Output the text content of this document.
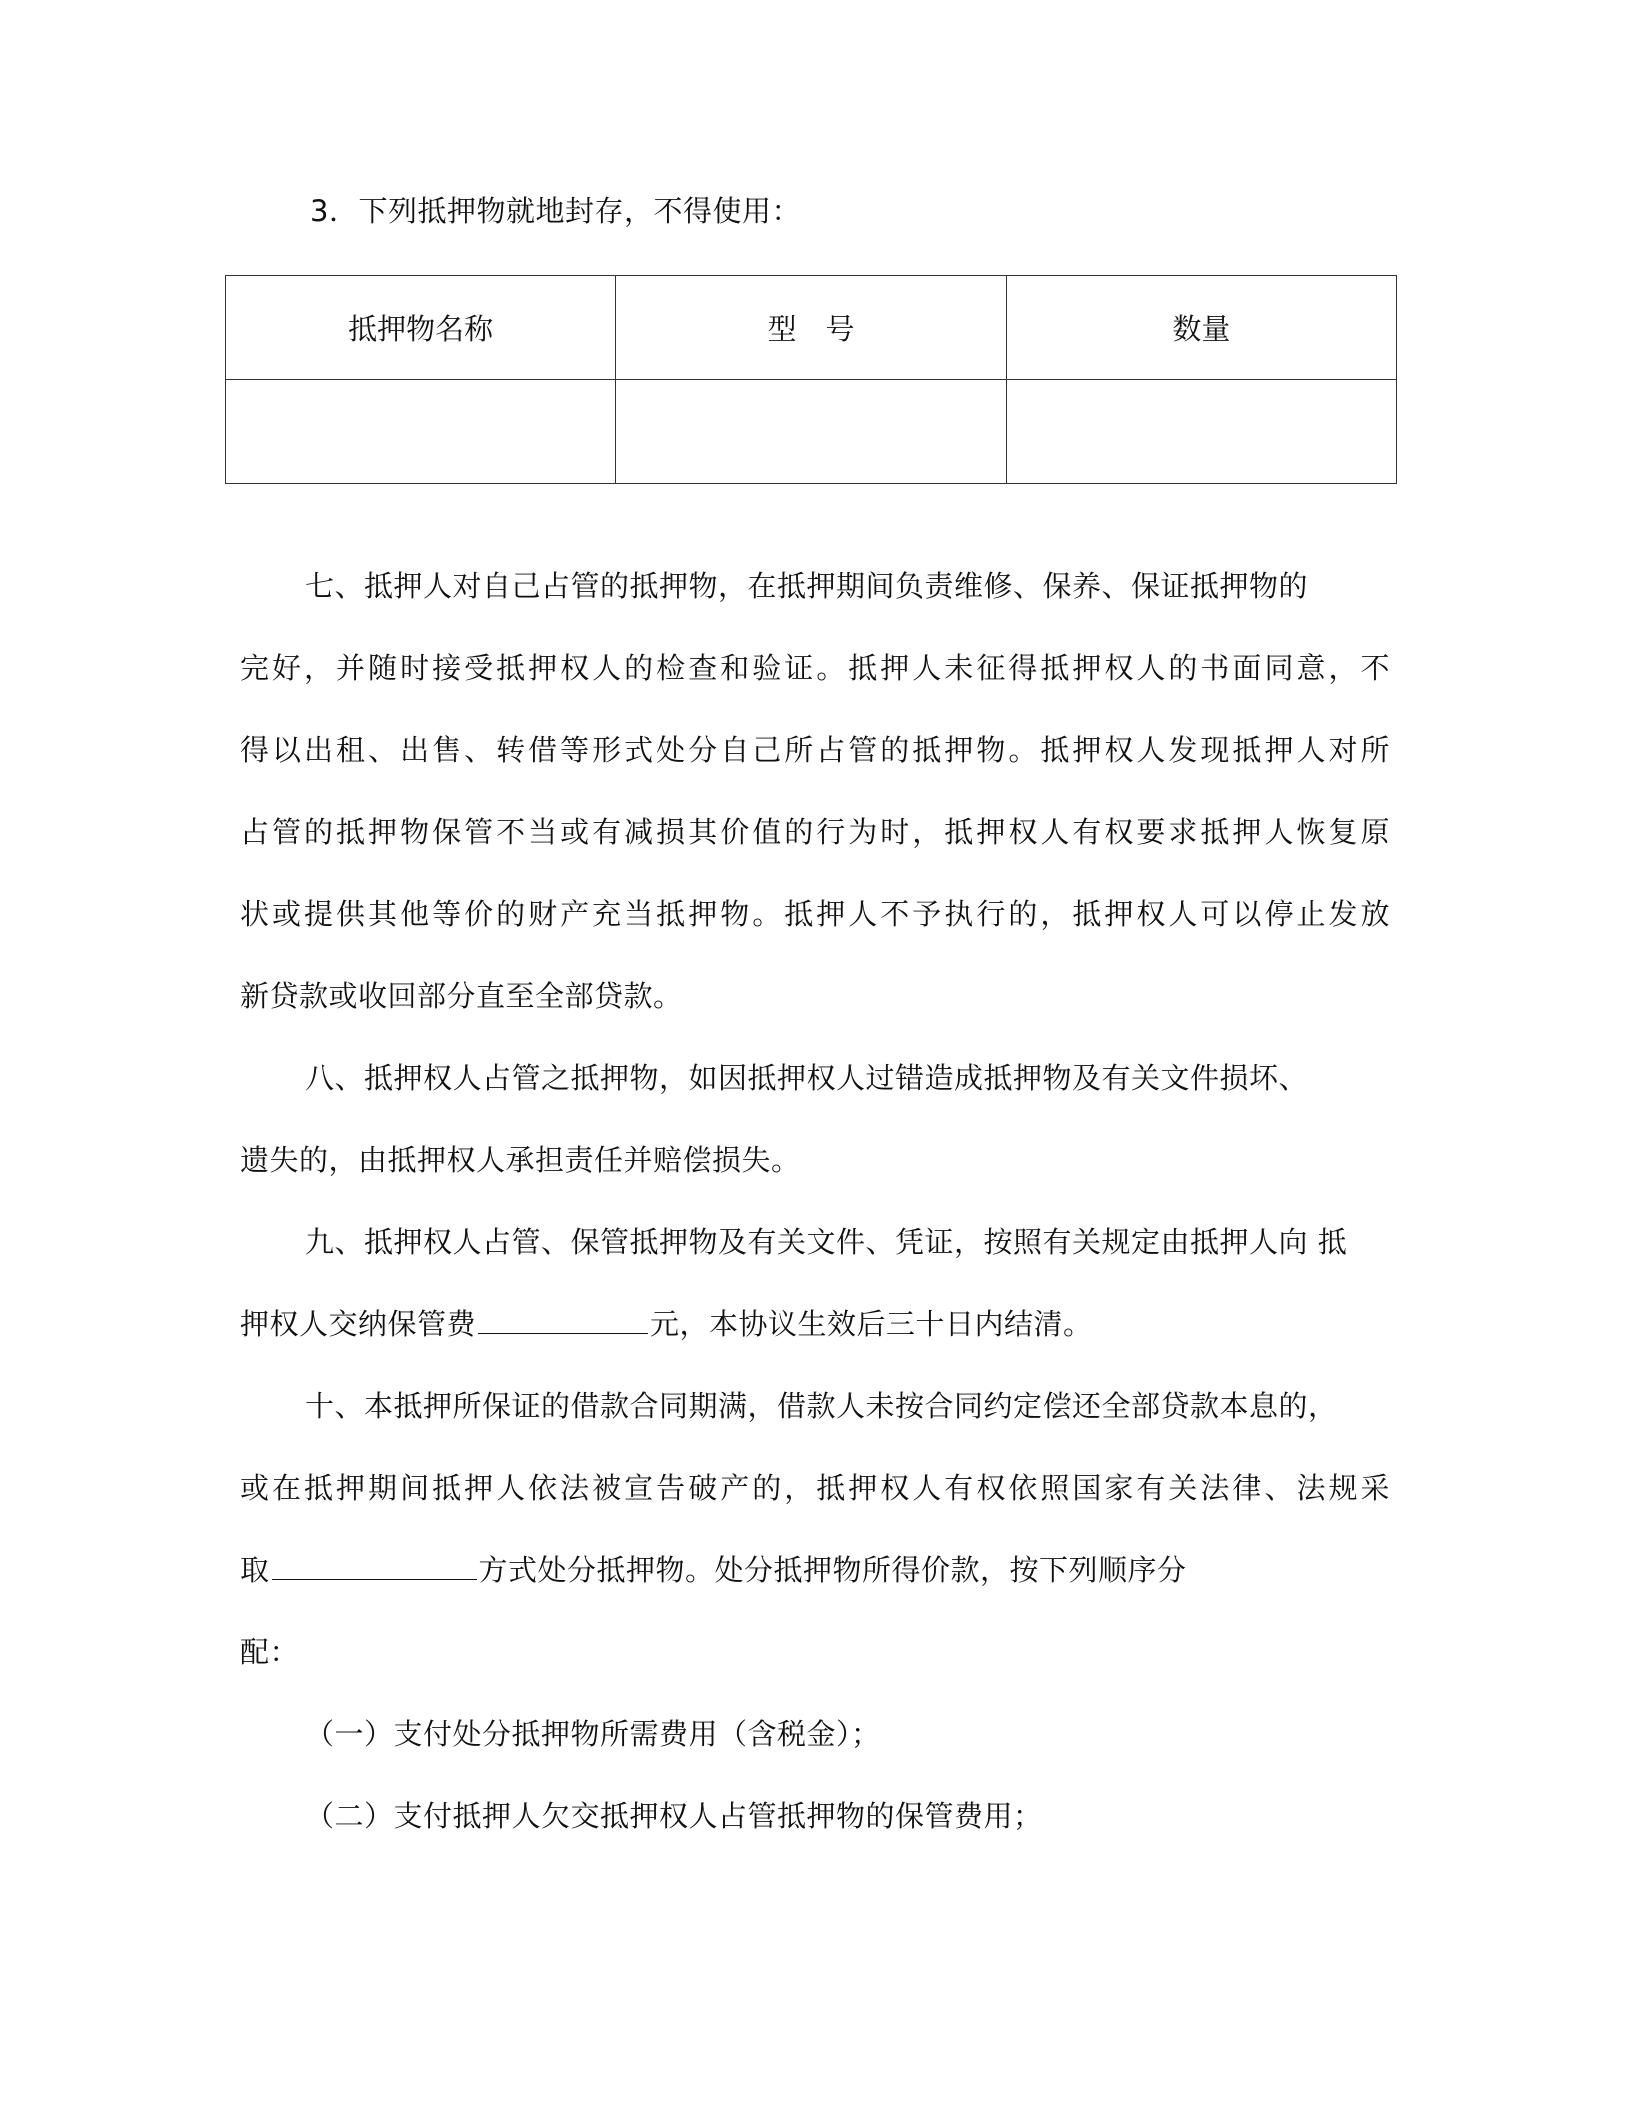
3．下列抵押物就地封存，不得使用：
抵押物名称	型　号	数量

七、抵押人对自己占管的抵押物，在抵押期间负责维修、保养、保证抵押物的
完好，并随时接受抵押权人的检查和验证。抵押人未征得抵押权人的书面同意，不
得以出租、出售、转借等形式处分自己所占管的抵押物。抵押权人发现抵押人对所
占管的抵押物保管不当或有减损其价值的行为时，抵押权人有权要求抵押人恢复原
状或提供其他等价的财产充当抵押物。抵押人不予执行的，抵押权人可以停止发放
新贷款或收回部分直至全部贷款。
八、抵押权人占管之抵押物，如因抵押权人过错造成抵押物及有关文件损坏、
遗失的，由抵押权人承担责任并赔偿损失。
九、抵押权人占管、保管抵押物及有关文件、凭证，按照有关规定由抵押人向 抵
押权人交纳保管费	元，本协议生效后三十日内结清。
十、本抵押所保证的借款合同期满，借款人未按合同约定偿还全部贷款本息的，
或在抵押期间抵押人依法被宣告破产的，抵押权人有权依照国家有关法律、法规采
取	方式处分抵押物。处分抵押物所得价款，按下列顺序分
配：
（一）支付处分抵押物所需费用（含税金）；
（二）支付抵押人欠交抵押权人占管抵押物的保管费用；
